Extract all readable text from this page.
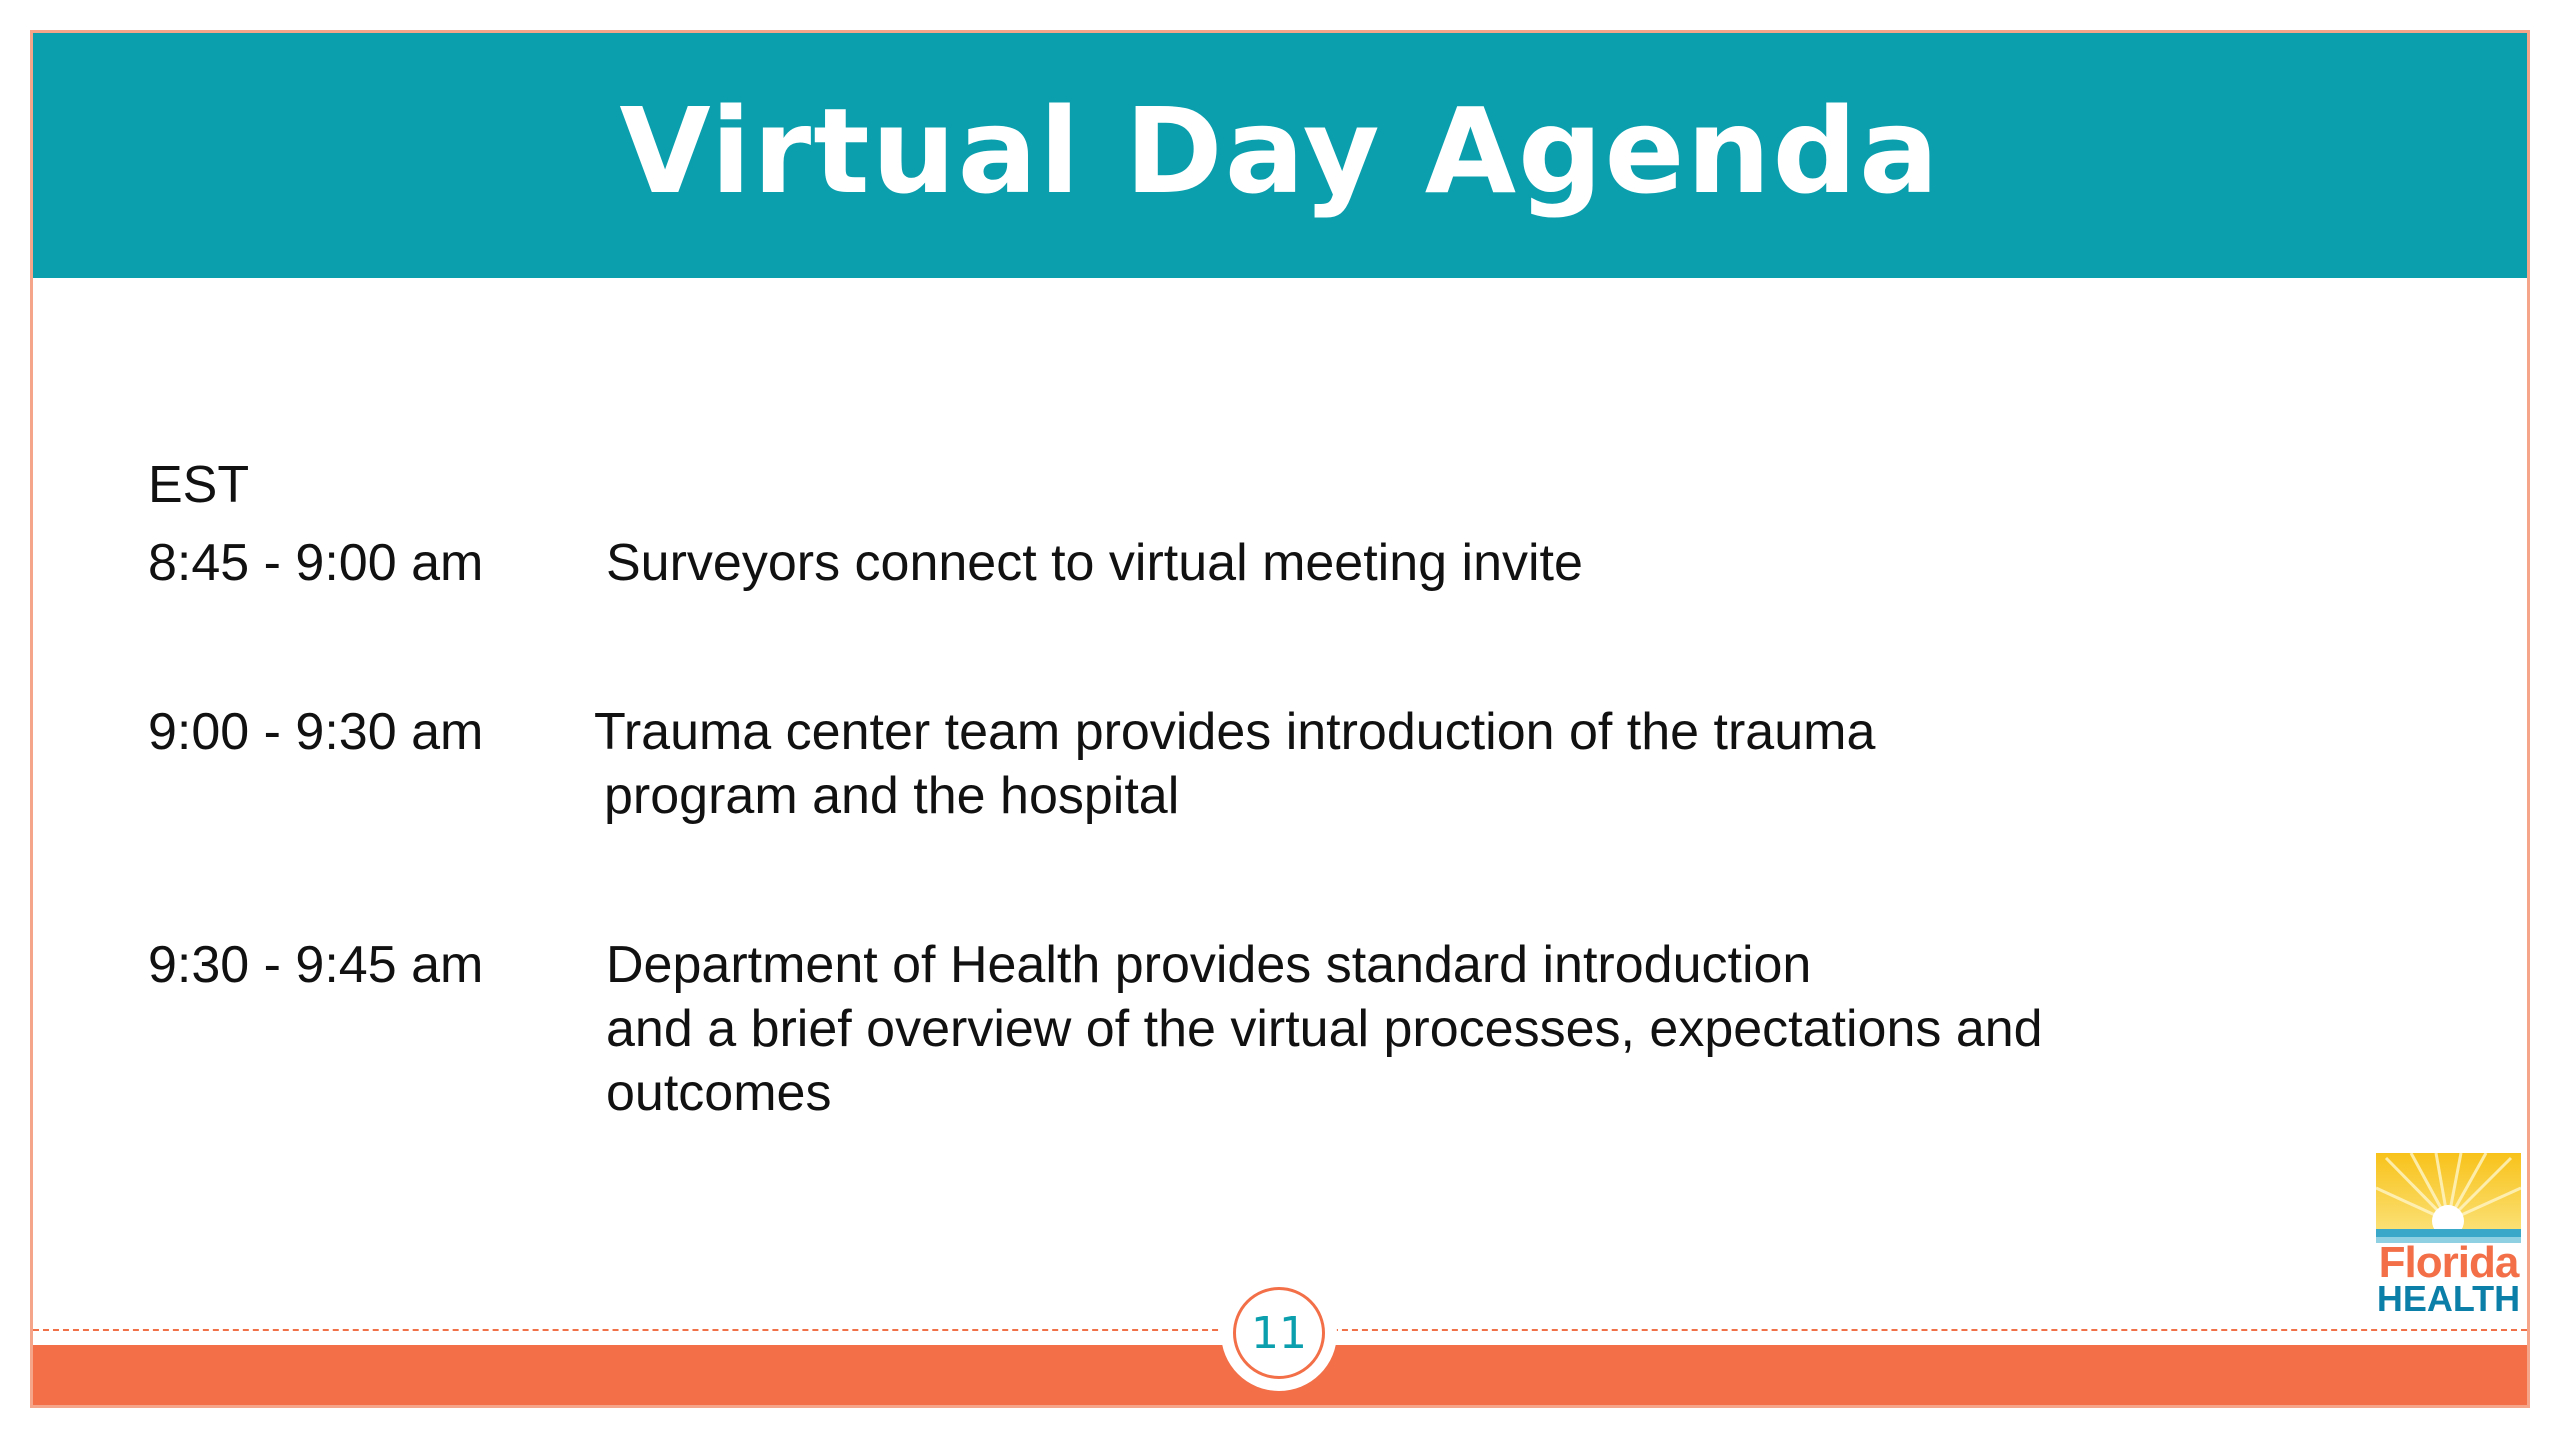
Virtual Day Agenda
EST
8:45 - 9:00 am	Surveyors connect to virtual meeting invite
9:00 - 9:30 am	Trauma center team provides introduction of the trauma
program and the hospital
9:30 - 9:45 am	Department of Health provides standard introduction
and a brief overview of the virtual processes, expectations and
outcomes
Florida
HEALTH
11
